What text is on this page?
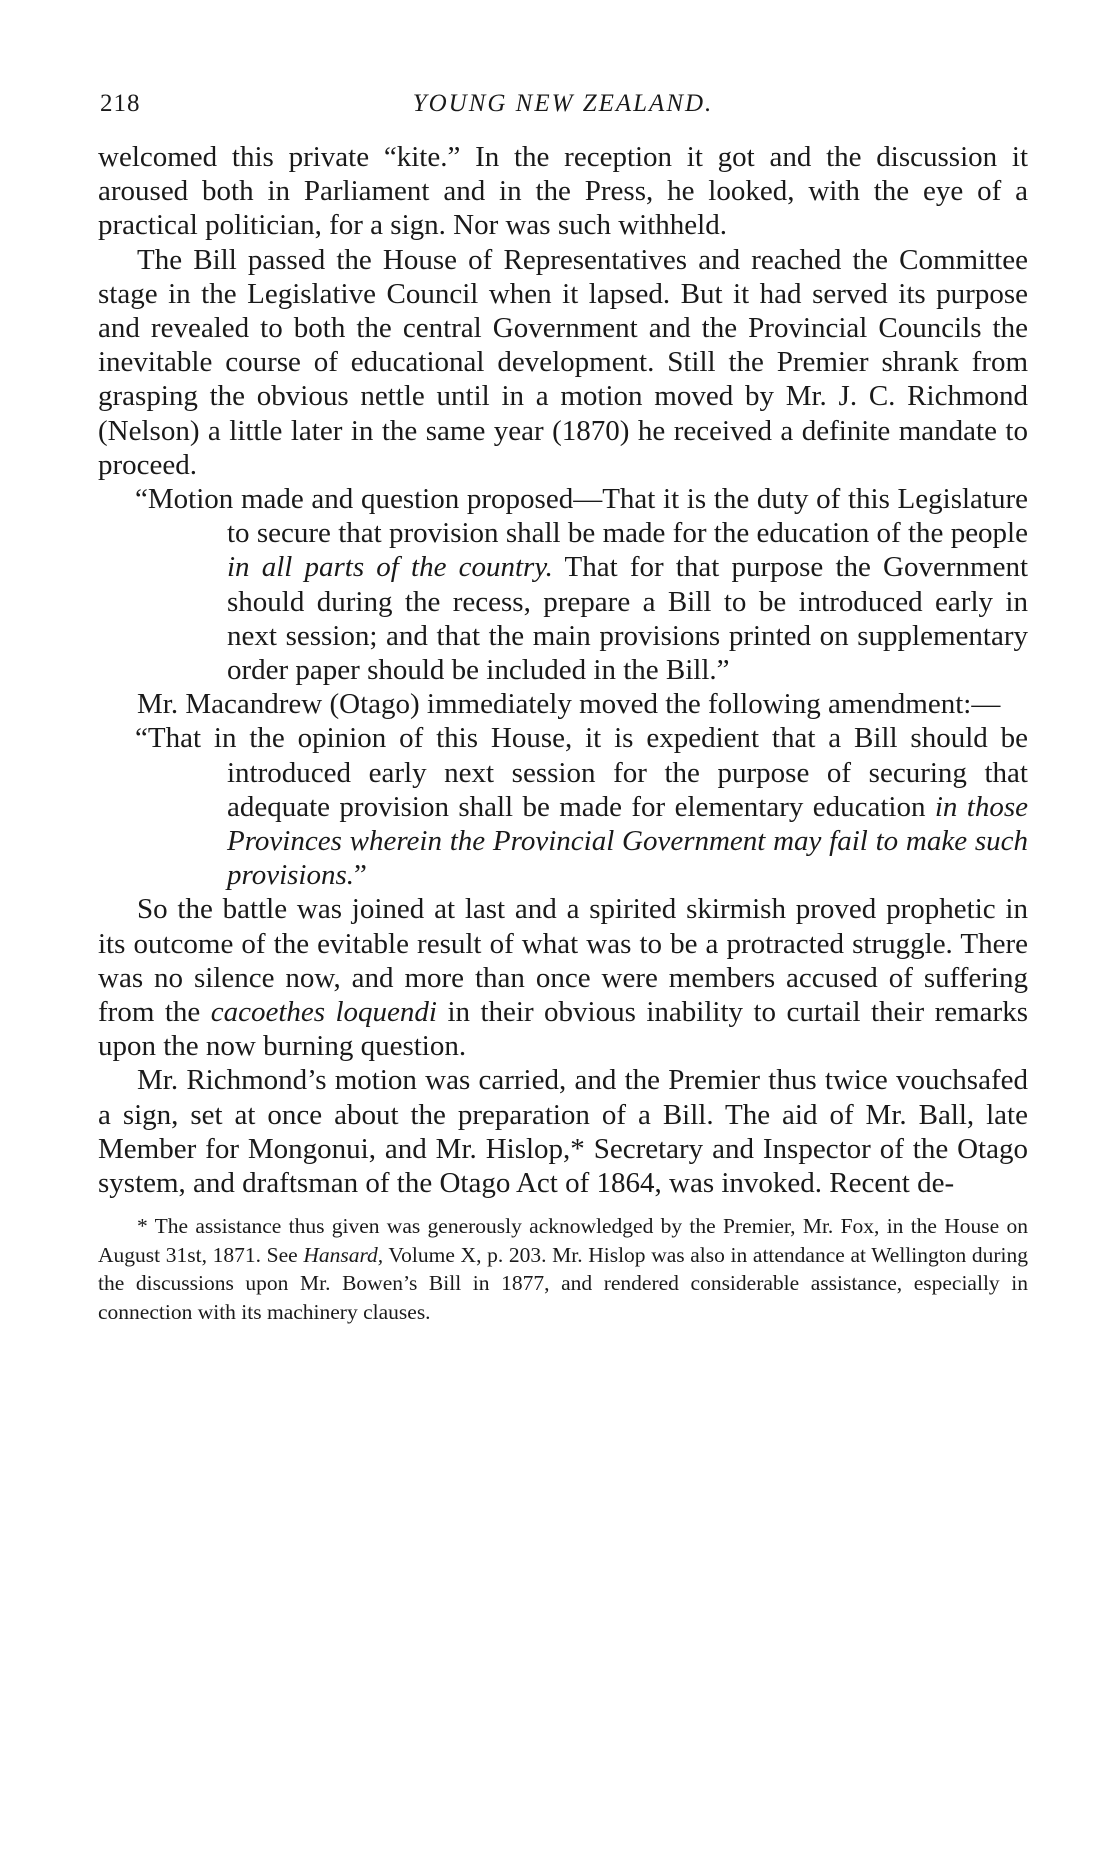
218	YOUNG NEW ZEALAND.

welcomed this private “kite.” In the reception it got and the discussion it aroused both in Parliament and in the Press, he looked, with the eye of a practical politician, for a sign. Nor was such withheld.

The Bill passed the House of Representatives and reached the Committee stage in the Legislative Council when it lapsed. But it had served its purpose and revealed to both the central Government and the Provincial Councils the inevitable course of educational development. Still the Premier shrank from grasping the obvious nettle until in a motion moved by Mr. J. C. Richmond (Nelson) a little later in the same year (1870) he received a definite mandate to proceed.

“Motion made and question proposed—That it is the duty of this Legislature to secure that provision shall be made for the education of the people in all parts of the country. That for that purpose the Government should during the recess, prepare a Bill to be introduced early in next session; and that the main provisions printed on supplementary order paper should be included in the Bill.”

Mr. Macandrew (Otago) immediately moved the following amendment:—

“That in the opinion of this House, it is expedient that a Bill should be introduced early next session for the purpose of securing that adequate provision shall be made for elementary education in those Provinces wherein the Provincial Government may fail to make such provisions.”

So the battle was joined at last and a spirited skirmish proved prophetic in its outcome of the evitable result of what was to be a protracted struggle. There was no silence now, and more than once were members accused of suffering from the cacoethes loquendi in their obvious inability to curtail their remarks upon the now burning question.

Mr. Richmond’s motion was carried, and the Premier thus twice vouchsafed a sign, set at once about the preparation of a Bill. The aid of Mr. Ball, late Member for Mongonui, and Mr. Hislop,* Secretary and Inspector of the Otago system, and draftsman of the Otago Act of 1864, was invoked. Recent de-

* The assistance thus given was generously acknowledged by the Premier, Mr. Fox, in the House on August 31st, 1871. See Hansard, Volume X, p. 203. Mr. Hislop was also in attendance at Wellington during the discussions upon Mr. Bowen’s Bill in 1877, and rendered considerable assistance, especially in connection with its machinery clauses.
